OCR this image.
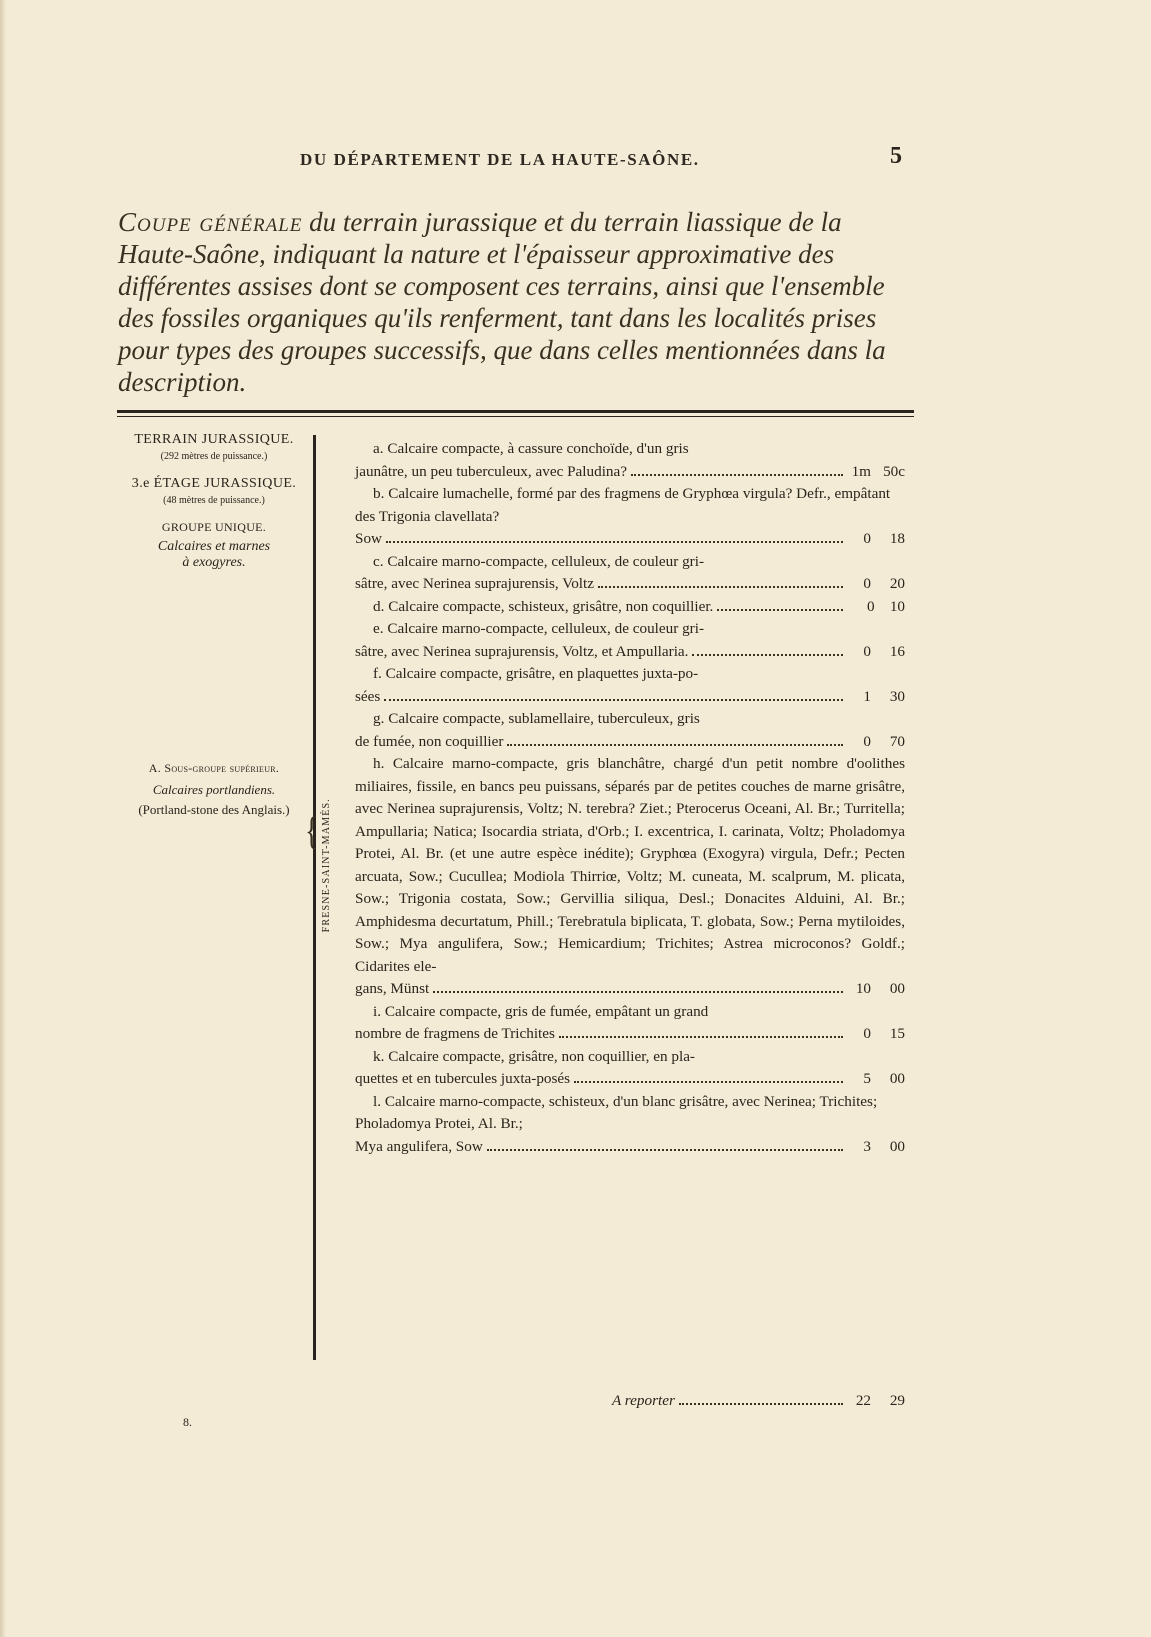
DU DÉPARTEMENT DE LA HAUTE-SAÔNE.	5
Coupe générale du terrain jurassique et du terrain liassique de la Haute-Saône, indiquant la nature et l'épaisseur approximative des différentes assises dont se composent ces terrains, ainsi que l'ensemble des fossiles organiques qu'ils renferment, tant dans les localités prises pour types des groupes successifs, que dans celles mentionnées dans la description.
TERRAIN JURASSIQUE.
(292 mètres de puissance.)
3.e ÉTAGE JURASSIQUE.
(48 mètres de puissance.)
GROUPE UNIQUE.
Calcaires et marnes
à exogyres.
A. Sous-groupe supérieur.
Calcaires portlandiens.
(Portland-stone des Anglais.)
{ FRESNE-SAINT-MAMÈS.
a. Calcaire compacte, à cassure conchoïde, d'un gris
jaunâtre, un peu tuberculeux, avec Paludina?	1m 50c
b. Calcaire lumachelle, formé par des fragmens de Gryphœa virgula? Defr., empâtant des Trigonia clavellata?
Sow	0	18
c. Calcaire marno-compacte, celluleux, de couleur gri-
sâtre, avec Nerinea suprajurensis, Voltz	0	20
d. Calcaire compacte, schisteux, grisâtre, non coquillier.	0	10
e. Calcaire marno-compacte, celluleux, de couleur gri-
sâtre, avec Nerinea suprajurensis, Voltz, et Ampullaria.	0	16
f. Calcaire compacte, grisâtre, en plaquettes juxta-po-
sées	1	30
g. Calcaire compacte, sublamellaire, tuberculeux, gris
de fumée, non coquillier	0	70
h. Calcaire marno-compacte, gris blanchâtre, chargé d'un petit nombre d'oolithes miliaires, fissile, en bancs peu puissans, séparés par de petites couches de marne grisâtre, avec Nerinea suprajurensis, Voltz; N. terebra? Ziet.; Pterocerus Oceani, Al. Br.; Turritella; Ampullaria; Natica; Isocardia striata, d'Orb.; I. excentrica, I. carinata, Voltz; Pholadomya Protei, Al. Br. (et une autre espèce inédite); Gryphœa (Exogyra) virgula, Defr.; Pecten arcuata, Sow.; Cucullea; Modiola Thirriœ, Voltz; M. cuneata, M. scalprum, M. plicata, Sow.; Trigonia costata, Sow.; Gervillia siliqua, Desl.; Donacites Alduini, Al. Br.; Amphidesma decurtatum, Phill.; Terebratula biplicata, T. globata, Sow.; Perna mytiloides, Sow.; Mya angulifera, Sow.; Hemicardium; Trichites; Astrea microconos? Goldf.; Cidarites ele-
gans, Münst	10	00
i. Calcaire compacte, gris de fumée, empâtant un grand
nombre de fragmens de Trichites	0	15
k. Calcaire compacte, grisâtre, non coquillier, en pla-
quettes et en tubercules juxta-posés	5	00
l. Calcaire marno-compacte, schisteux, d'un blanc grisâtre, avec Nerinea; Trichites; Pholadomya Protei, Al. Br.;
Mya angulifera, Sow	3	00
A reporter	22	29
8.
